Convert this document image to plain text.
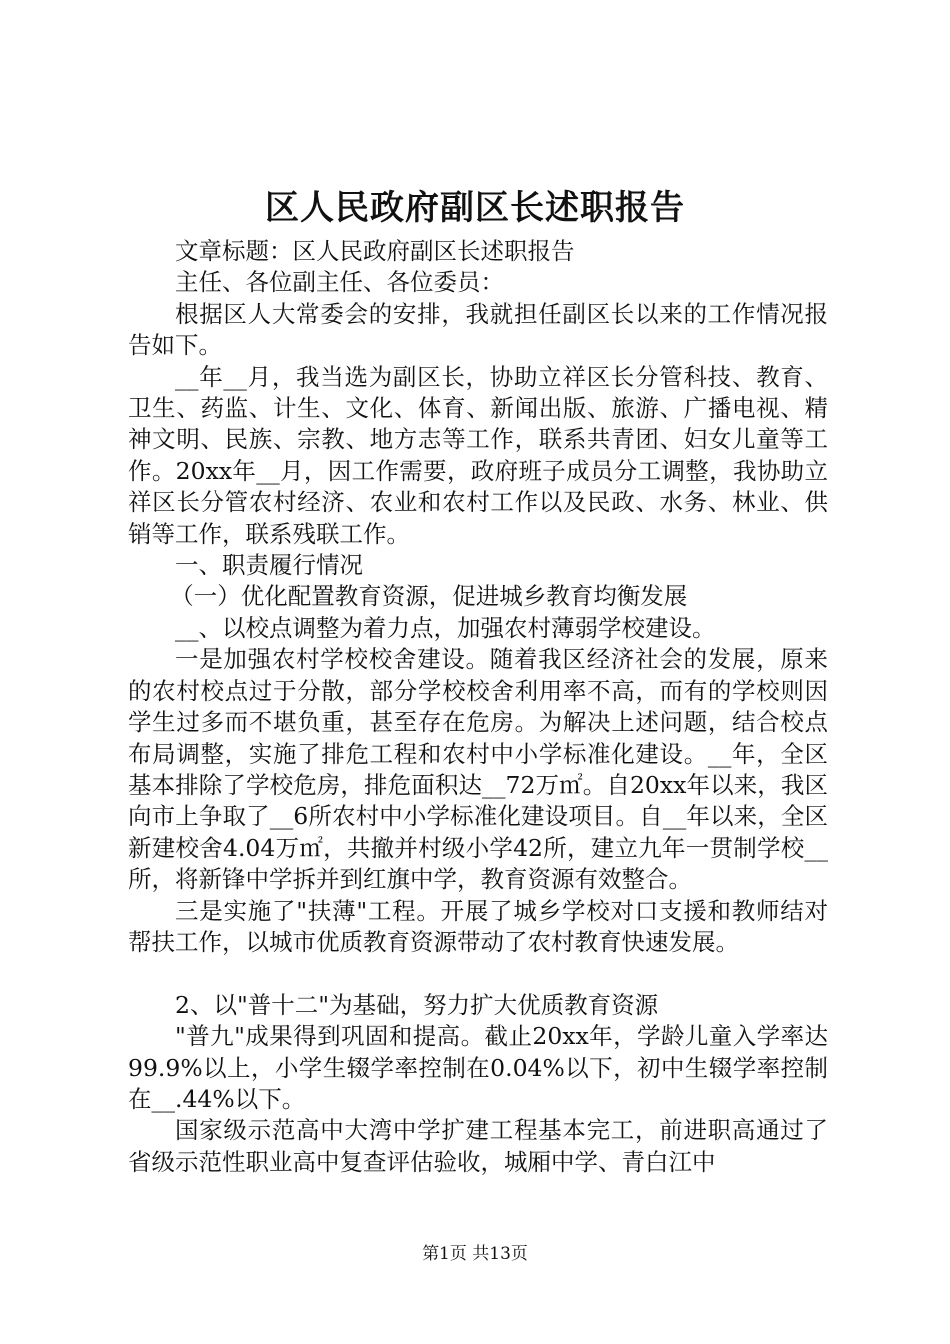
区人民政府副区长述职报告

文章标题：区人民政府副区长述职报告

主任、各位副主任、各位委员：

根据区人大常委会的安排，我就担任副区长以来的工作情况报告如下。

__年__月，我当选为副区长，协助立祥区长分管科技、教育、卫生、药监、计生、文化、体育、新闻出版、旅游、广播电视、精神文明、民族、宗教、地方志等工作，联系共青团、妇女儿童等工作。20xx年__月，因工作需要，政府班子成员分工调整，我协助立祥区长分管农村经济、农业和农村工作以及民政、水务、林业、供销等工作，联系残联工作。

一、职责履行情况

（一）优化配置教育资源，促进城乡教育均衡发展

__、以校点调整为着力点，加强农村薄弱学校建设。

一是加强农村学校校舍建设。随着我区经济社会的发展，原来的农村校点过于分散，部分学校校舍利用率不高，而有的学校则因学生过多而不堪负重，甚至存在危房。为解决上述问题，结合校点布局调整，实施了排危工程和农村中小学标准化建设。__年，全区基本排除了学校危房，排危面积达__72万㎡。自20xx年以来，我区向市上争取了__6所农村中小学标准化建设项目。自__年以来，全区新建校舍4.04万㎡，共撤并村级小学42所，建立九年一贯制学校__所，将新锋中学拆并到红旗中学，教育资源有效整合。

三是实施了"扶薄"工程。开展了城乡学校对口支援和教师结对帮扶工作，以城市优质教育资源带动了农村教育快速发展。

2、以"普十二"为基础，努力扩大优质教育资源

"普九"成果得到巩固和提高。截止20xx年，学龄儿童入学率达99.9%以上，小学生辍学率控制在0.04%以下，初中生辍学率控制在__.44%以下。

国家级示范高中大湾中学扩建工程基本完工，前进职高通过了省级示范性职业高中复查评估验收，城厢中学、青白江中

第1页 共13页
